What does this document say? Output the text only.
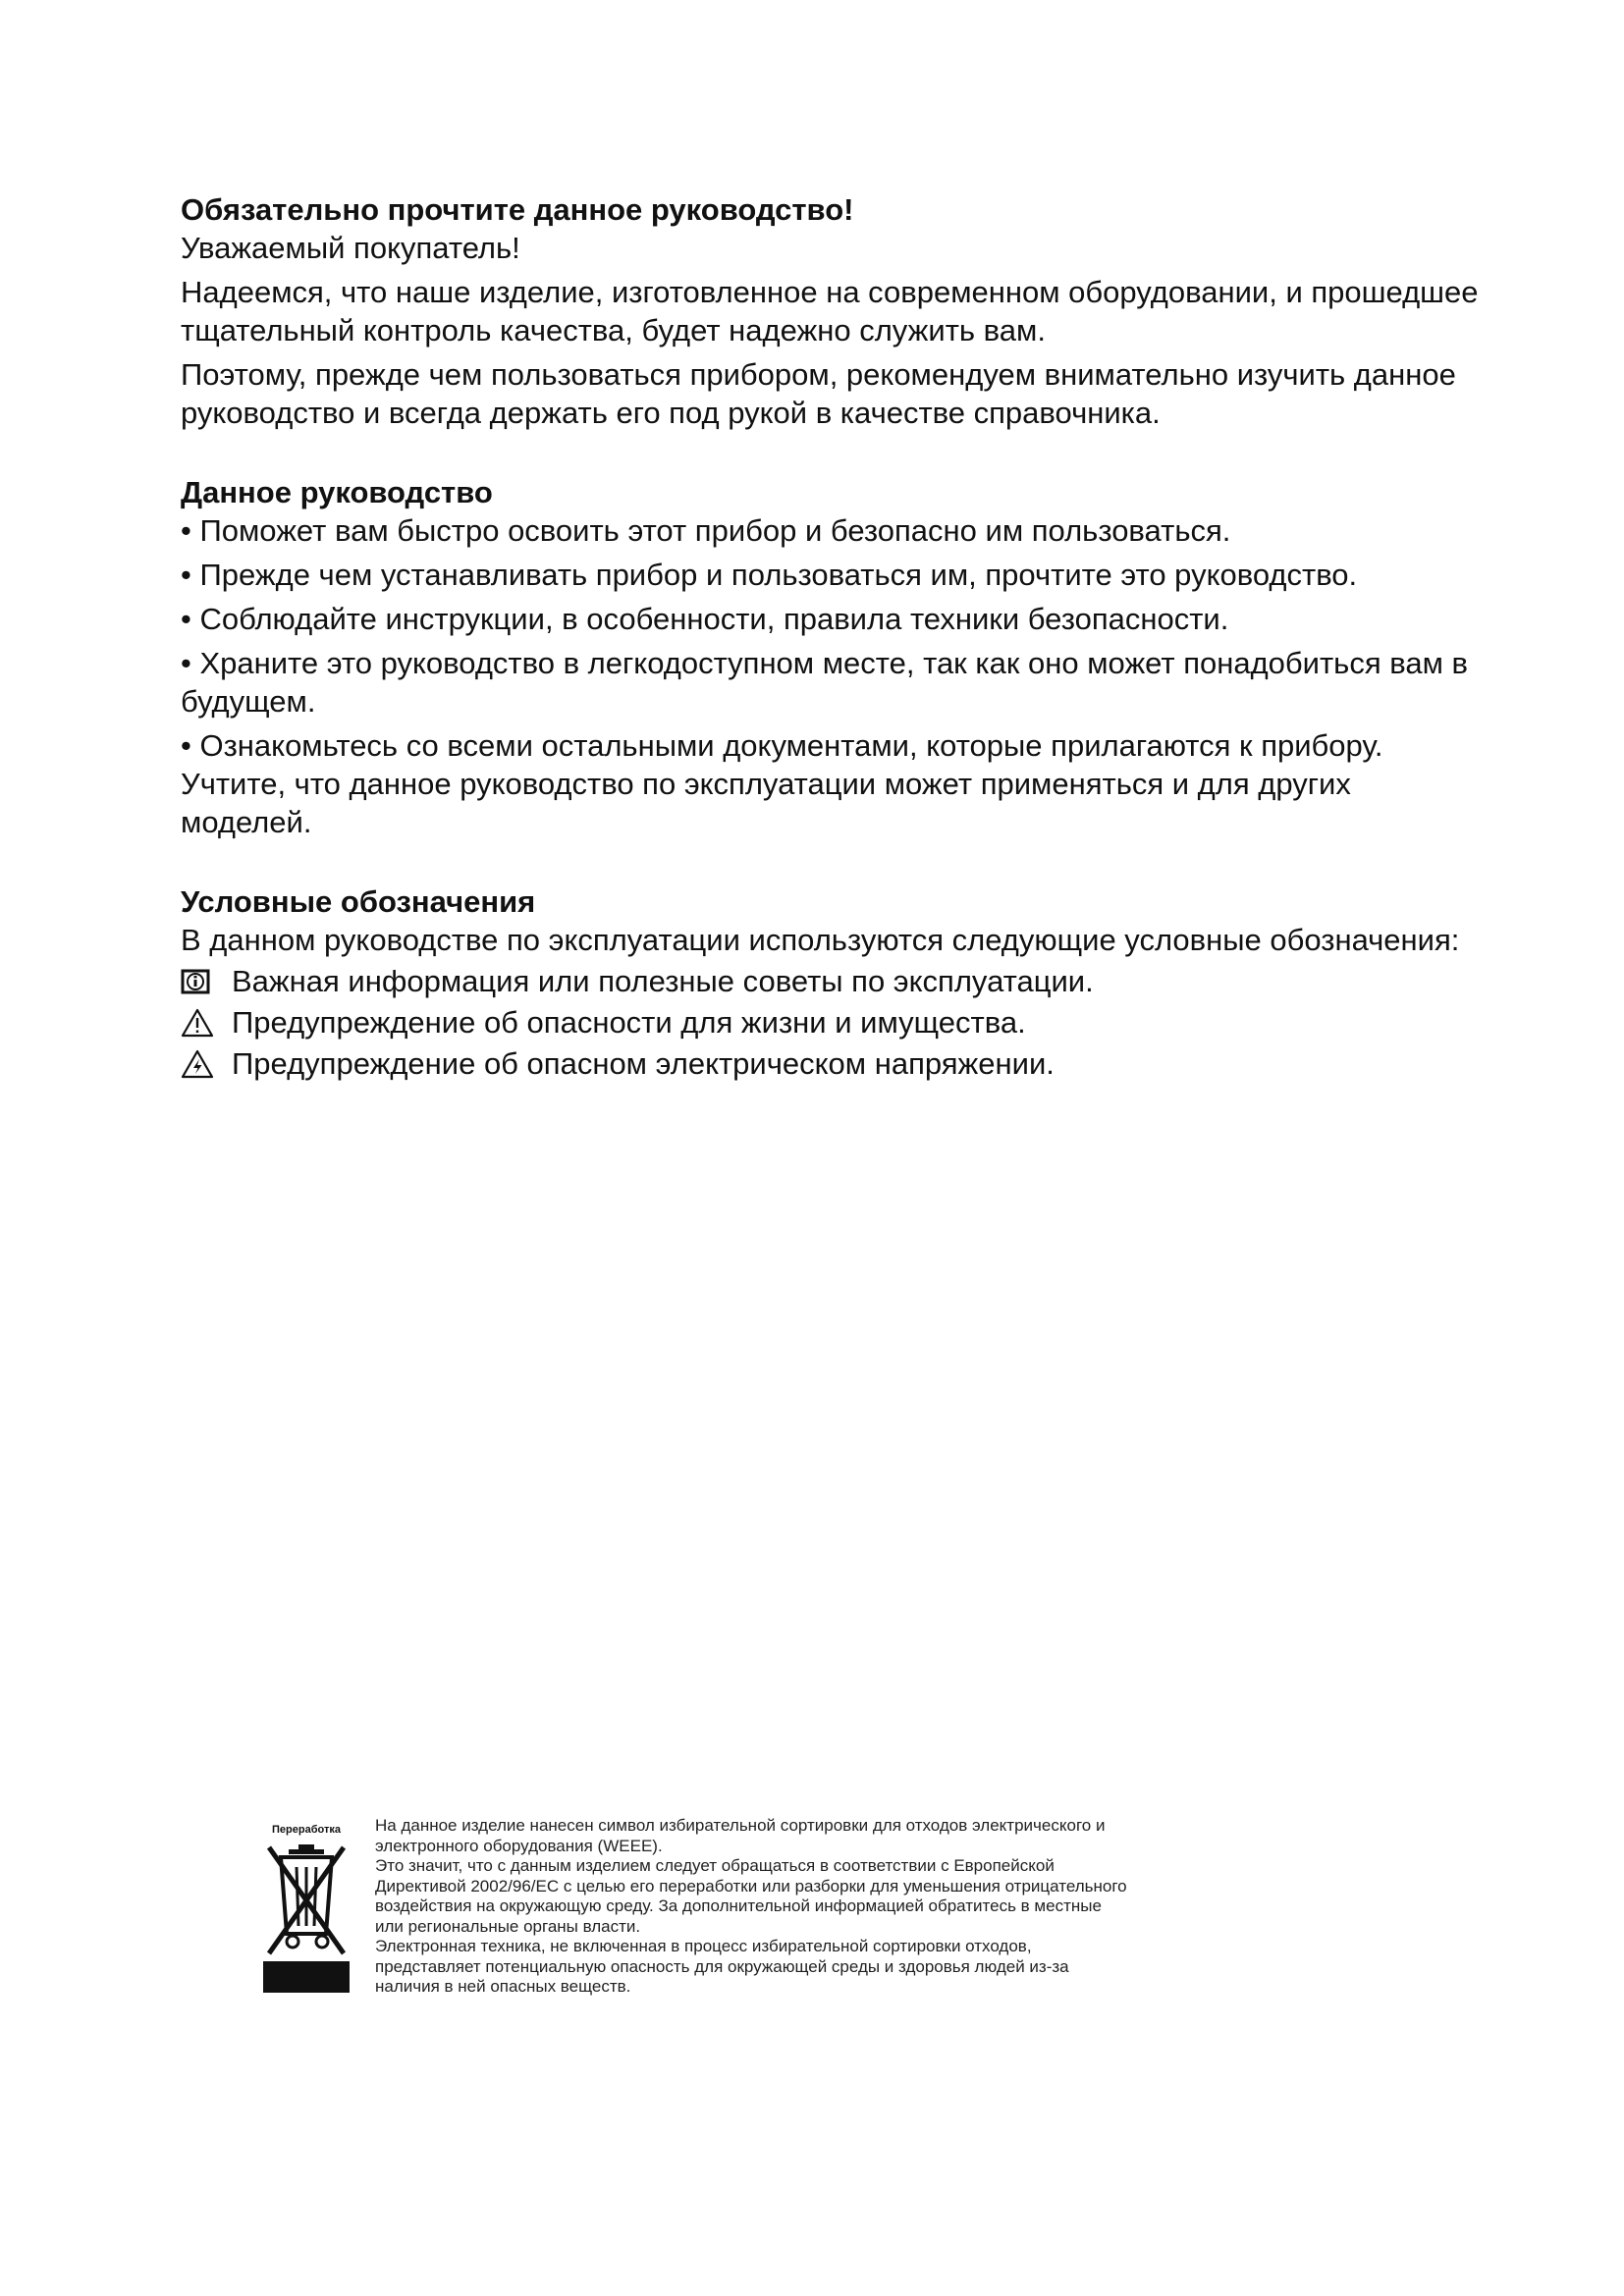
Обязательно прочтите данное руководство!

Уважаемый покупатель!

Надеемся, что наше изделие, изготовленное на современном оборудовании, и прошедшее тщательный контроль качества, будет надежно служить вам.

Поэтому, прежде чем пользоваться прибором, рекомендуем внимательно изучить данное руководство и всегда держать его под рукой в качестве справочника.

Данное руководство

• Поможет вам быстро освоить этот прибор и безопасно им пользоваться.

• Прежде чем устанавливать прибор и пользоваться им, прочтите это руководство.

• Соблюдайте инструкции, в особенности, правила техники безопасности.

• Храните это руководство в легкодоступном месте, так как оно может понадобиться вам в будущем.

• Ознакомьтесь со всеми остальными документами, которые прилагаются к прибору.

Учтите, что данное руководство по эксплуатации может применяться и для других моделей.

Условные обозначения

В данном руководстве по эксплуатации используются следующие условные обозначения:

Важная информация или полезные советы по эксплуатации.
Предупреждение об опасности для жизни и имущества.
Предупреждение об опасном электрическом напряжении.
Переработка	На данное изделие нанесен символ избирательной сортировки для отходов электрического и
электронного оборудования (WEEE).
Это значит, что с данным изделием следует обращаться в соответствии с Европейской
Директивой 2002/96/EC с целью его переработки или разборки для уменьшения отрицательного
воздействия на окружающую среду. За дополнительной информацией обратитесь в местные
или региональные органы власти.
Электронная техника, не включенная в процесс избирательной сортировки отходов,
представляет потенциальную опасность для окружающей среды и здоровья людей из-за
наличия в ней опасных веществ.
